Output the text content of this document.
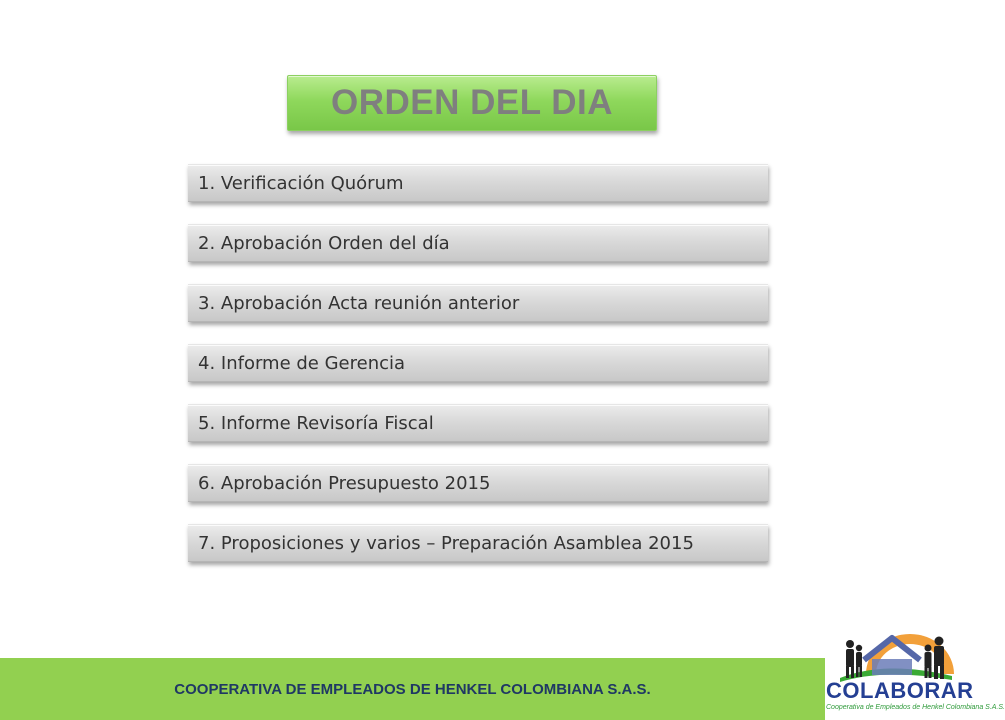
ORDEN DEL DIA
1. Verificación Quórum
2. Aprobación Orden del día
3. Aprobación Acta reunión anterior
4. Informe de Gerencia
5. Informe Revisoría Fiscal
6. Aprobación Presupuesto 2015
7. Proposiciones y varios – Preparación Asamblea 2015
COOPERATIVA DE EMPLEADOS DE HENKEL COLOMBIANA S.A.S.	COLABORAR
Cooperativa de Empleados de Henkel Colombiana S.A.S.
